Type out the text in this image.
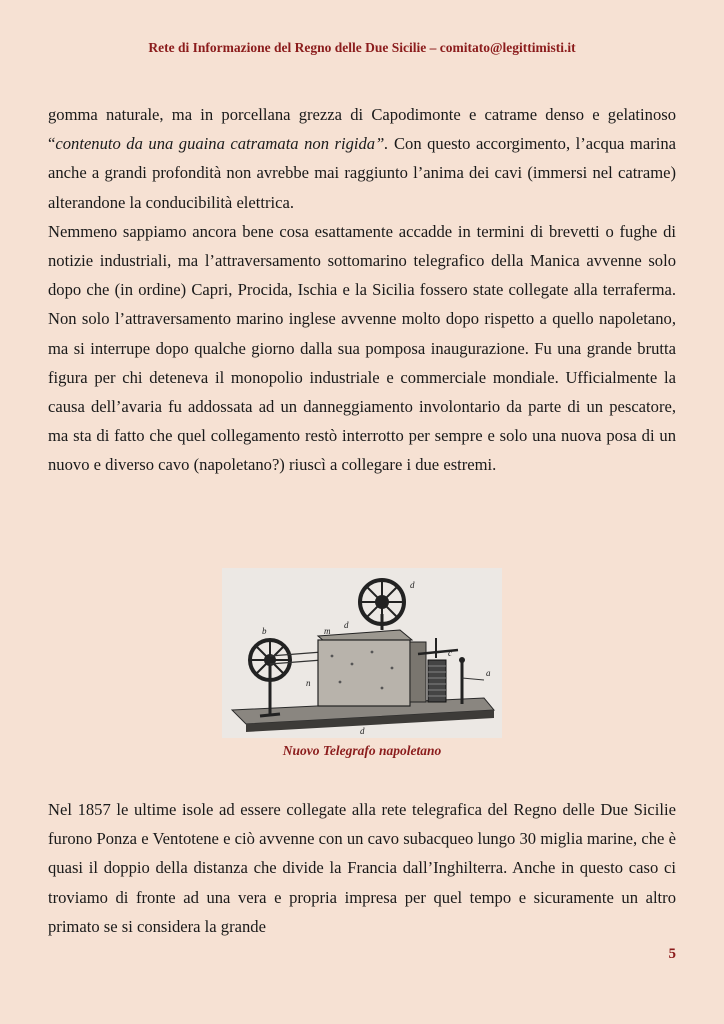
Rete di Informazione del Regno delle Due Sicilie – comitato@legittimisti.it

gomma naturale, ma in porcellana grezza di Capodimonte e catrame denso e gelatinoso “contenuto da una guaina catramata non rigida”. Con questo accorgimento, l’acqua marina anche a grandi profondità non avrebbe mai raggiunto l’anima dei cavi (immersi nel catrame) alterandone la conducibilità elettrica.

Nemmeno sappiamo ancora bene cosa esattamente accadde in termini di brevetti o fughe di notizie industriali, ma l’attraversamento sottomarino telegrafico della Manica avvenne solo dopo che (in ordine) Capri, Procida, Ischia e la Sicilia fossero state collegate alla terraferma. Non solo l’attraversamento marino inglese avvenne molto dopo rispetto a quello napoletano, ma si interrupe dopo qualche giorno dalla sua pomposa inaugurazione. Fu una grande brutta figura per chi deteneva il monopolio industriale e commerciale mondiale. Ufficialmente la causa dell’avaria fu addossata ad un danneggiamento involontario da parte di un pescatore, ma sta di fatto che quel collegamento restò interrotto per sempre e solo una nuova posa di un nuovo e diverso cavo (napoletano?) riuscì a collegare i due estremi.

b	m
d
d
c
a
n
d
Nuovo Telegrafo napoletano

Nel 1857 le ultime isole ad essere collegate alla rete telegrafica del Regno delle Due Sicilie furono Ponza e Ventotene e ciò avvenne con un cavo subacqueo lungo 30 miglia marine, che è quasi il doppio della distanza che divide la Francia dall’Inghilterra. Anche in questo caso ci troviamo di fronte ad una vera e propria impresa per quel tempo e sicuramente un altro primato se si considera la grande

5
